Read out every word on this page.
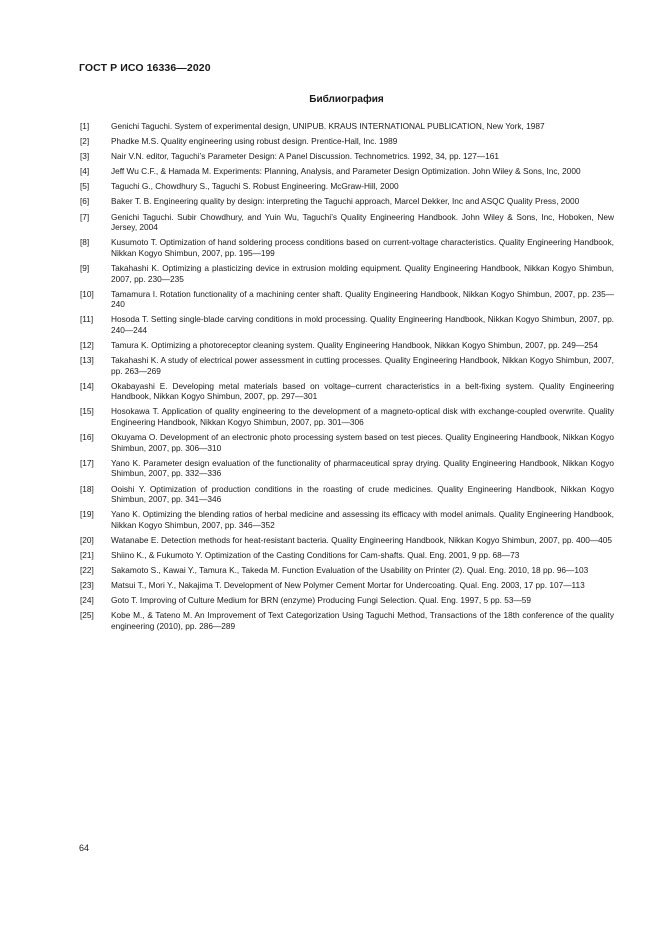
ГОСТ Р ИСО 16336—2020
Библиография
[1]	Genichi Taguchi. System of experimental design, UNIPUB. KRAUS INTERNATIONAL PUBLICATION, New York, 1987
[2]	Phadke M.S. Quality engineering using robust design. Prentice-Hall, Inc. 1989
[3]	Nair V.N. editor, Taguchi’s Parameter Design: A Panel Discussion. Technometrics. 1992, 34, pp. 127—161
[4]	Jeff Wu C.F., & Hamada M. Experiments: Planning, Analysis, and Parameter Design Optimization. John Wiley & Sons, Inc, 2000
[5]	Taguchi G., Chowdhury S., Taguchi S. Robust Engineering. McGraw-Hill, 2000
[6]	Baker T. B. Engineering quality by design: interpreting the Taguchi approach, Marcel Dekker, Inc and ASQC Quality Press, 2000
[7]	Genichi Taguchi. Subir Chowdhury, and Yuin Wu, Taguchi’s Quality Engineering Handbook. John Wiley & Sons, Inc, Hoboken, New Jersey, 2004
[8]	Kusumoto T. Optimization of hand soldering process conditions based on current-voltage characteristics. Quality Engineering Handbook, Nikkan Kogyo Shimbun, 2007, pp. 195—199
[9]	Takahashi K. Optimizing a plasticizing device in extrusion molding equipment. Quality Engineering Handbook, Nikkan Kogyo Shimbun, 2007, pp. 230—235
[10]	Tamamura I. Rotation functionality of a machining center shaft. Quality Engineering Handbook, Nikkan Kogyo Shimbun, 2007, pp. 235—240
[11]	Hosoda T. Setting single-blade carving conditions in mold processing. Quality Engineering Handbook, Nikkan Kogyo Shimbun, 2007, pp. 240—244
[12]	Tamura K. Optimizing a photoreceptor cleaning system. Quality Engineering Handbook, Nikkan Kogyo Shimbun, 2007, pp. 249—254
[13]	Takahashi K. A study of electrical power assessment in cutting processes. Quality Engineering Handbook, Nikkan Kogyo Shimbun, 2007, pp. 263—269
[14]	Okabayashi E. Developing metal materials based on voltage–current characteristics in a belt-fixing system. Quality Engineering Handbook, Nikkan Kogyo Shimbun, 2007, pp. 297—301
[15]	Hosokawa T. Application of quality engineering to the development of a magneto-optical disk with exchange-coupled overwrite. Quality Engineering Handbook, Nikkan Kogyo Shimbun, 2007, pp. 301—306
[16]	Okuyama O. Development of an electronic photo processing system based on test pieces. Quality Engineering Handbook, Nikkan Kogyo Shimbun, 2007, pp. 306—310
[17]	Yano K. Parameter design evaluation of the functionality of pharmaceutical spray drying. Quality Engineering Handbook, Nikkan Kogyo Shimbun, 2007, pp. 332—336
[18]	Ooishi Y. Optimization of production conditions in the roasting of crude medicines. Quality Engineering Handbook, Nikkan Kogyo Shimbun, 2007, pp. 341—346
[19]	Yano K. Optimizing the blending ratios of herbal medicine and assessing its efficacy with model animals. Quality Engineering Handbook, Nikkan Kogyo Shimbun, 2007, pp. 346—352
[20]	Watanabe E. Detection methods for heat-resistant bacteria. Quality Engineering Handbook, Nikkan Kogyo Shimbun, 2007, pp. 400—405
[21]	Shiino K., & Fukumoto Y. Optimization of the Casting Conditions for Cam-shafts. Qual. Eng. 2001, 9 pp. 68—73
[22]	Sakamoto S., Kawai Y., Tamura K., Takeda M. Function Evaluation of the Usability on Printer (2). Qual. Eng. 2010, 18 pp. 96—103
[23]	Matsui T., Mori Y., Nakajima T. Development of New Polymer Cement Mortar for Undercoating. Qual. Eng. 2003, 17 pp. 107—113
[24]	Goto T. Improving of Culture Medium for BRN (enzyme) Producing Fungi Selection. Qual. Eng. 1997, 5 pp. 53—59
[25]	Kobe M., & Tateno M. An Improvement of Text Categorization Using Taguchi Method, Transactions of the 18th conference of the quality engineering (2010), pp. 286—289
64
